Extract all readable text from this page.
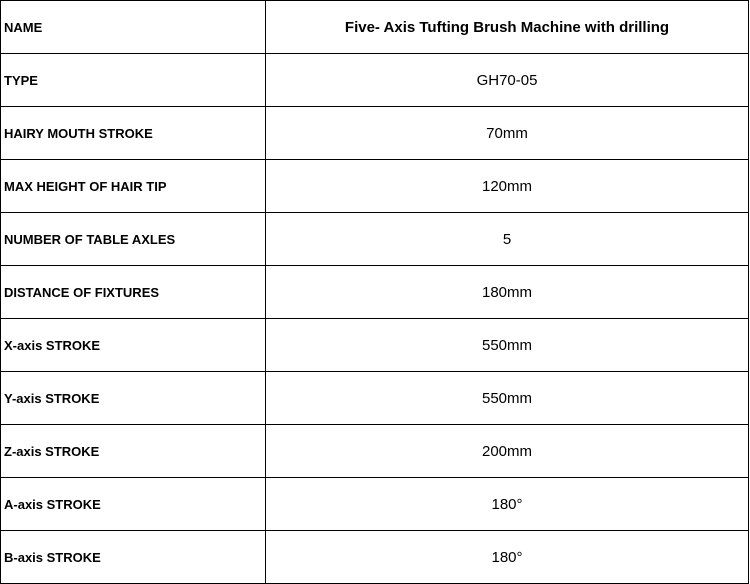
NAME	Five- Axis Tufting Brush Machine with drilling
TYPE	GH70-05
HAIRY MOUTH STROKE	70mm
MAX HEIGHT OF HAIR TIP	120mm
NUMBER OF TABLE AXLES	5
DISTANCE OF FIXTURES	180mm
X-axis STROKE	550mm
Y-axis STROKE	550mm
Z-axis STROKE	200mm
A-axis STROKE	180°
B-axis STROKE	180°
